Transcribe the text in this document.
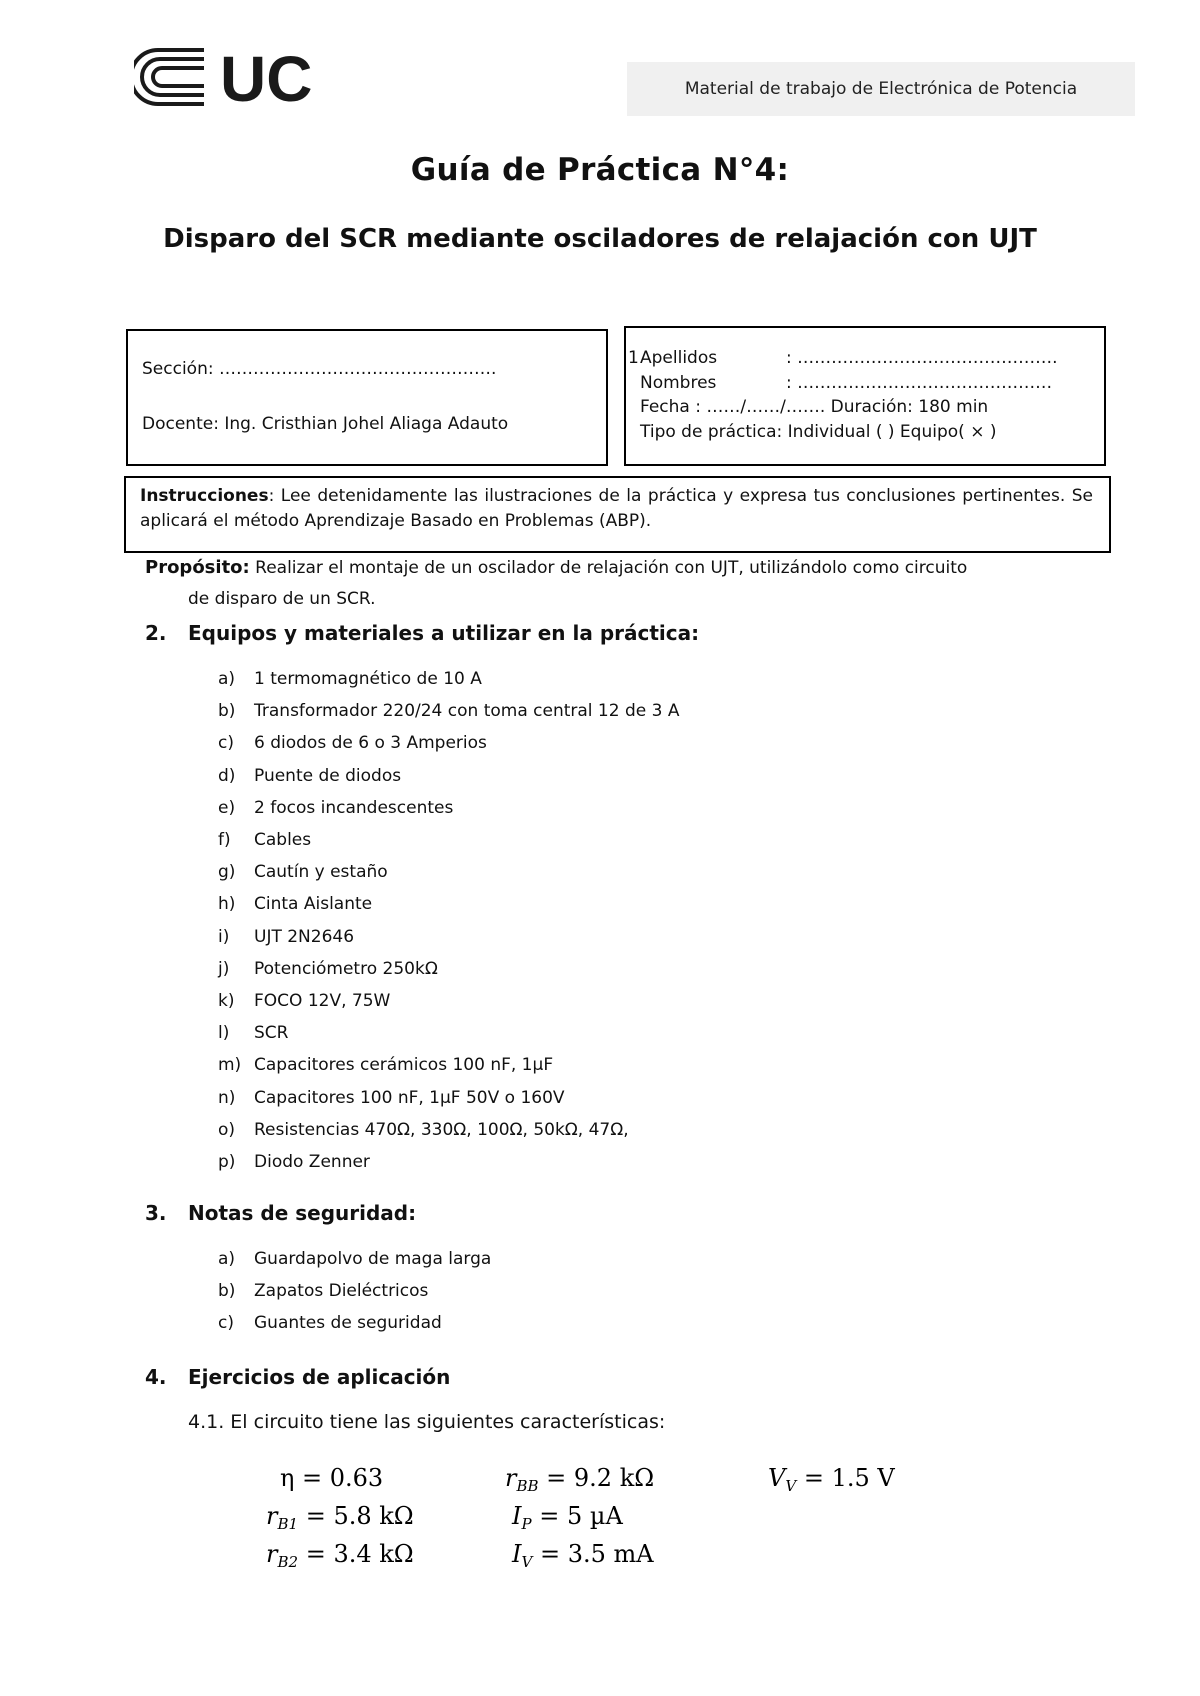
UC	Material de trabajo de Electrónica de Potencia
Guía de Práctica N°4:
Disparo del SCR mediante osciladores de relajación con UJT
Sección: ………………………………………….
Docente: Ing. Cristhian Johel Aliaga Adauto
1 Apellidos	: ……………………………………….
Nombres	: ………………………………………
Fecha : ……/……/……. Duración: 180 min
Tipo de práctica: Individual ( ) Equipo( × )
Instrucciones: Lee detenidamente las ilustraciones de la práctica y expresa tus conclusiones pertinentes. Se aplicará el método Aprendizaje Basado en Problemas (ABP).
Propósito: Realizar el montaje de un oscilador de relajación con UJT, utilizándolo como circuito
de disparo de un SCR.
2. Equipos y materiales a utilizar en la práctica:
a) 1 termomagnético de 10 A
b) Transformador 220/24 con toma central 12 de 3 A
c) 6 diodos de 6 o 3 Amperios
d) Puente de diodos
e) 2 focos incandescentes
f) Cables
g) Cautín y estaño
h) Cinta Aislante
i) UJT 2N2646
j) Potenciómetro 250kΩ
k) FOCO 12V, 75W
l) SCR
m) Capacitores cerámicos 100 nF, 1µF
n) Capacitores 100 nF, 1µF 50V o 160V
o) Resistencias 470Ω, 330Ω, 100Ω, 50kΩ, 47Ω,
p) Diodo Zenner
3. Notas de seguridad:
a) Guardapolvo de maga larga
b) Zapatos Dieléctricos
c) Guantes de seguridad
4. Ejercicios de aplicación
4.1. El circuito tiene las siguientes características:
η = 0.63	$r_{BB} = 9.2$ kΩ	$V_V = 1.5$ V
$r_{B1} = 5.8$ kΩ	$I_P = 5$ µA
$r_{B2} = 3.4$ kΩ	$I_V = 3.5$ mA
